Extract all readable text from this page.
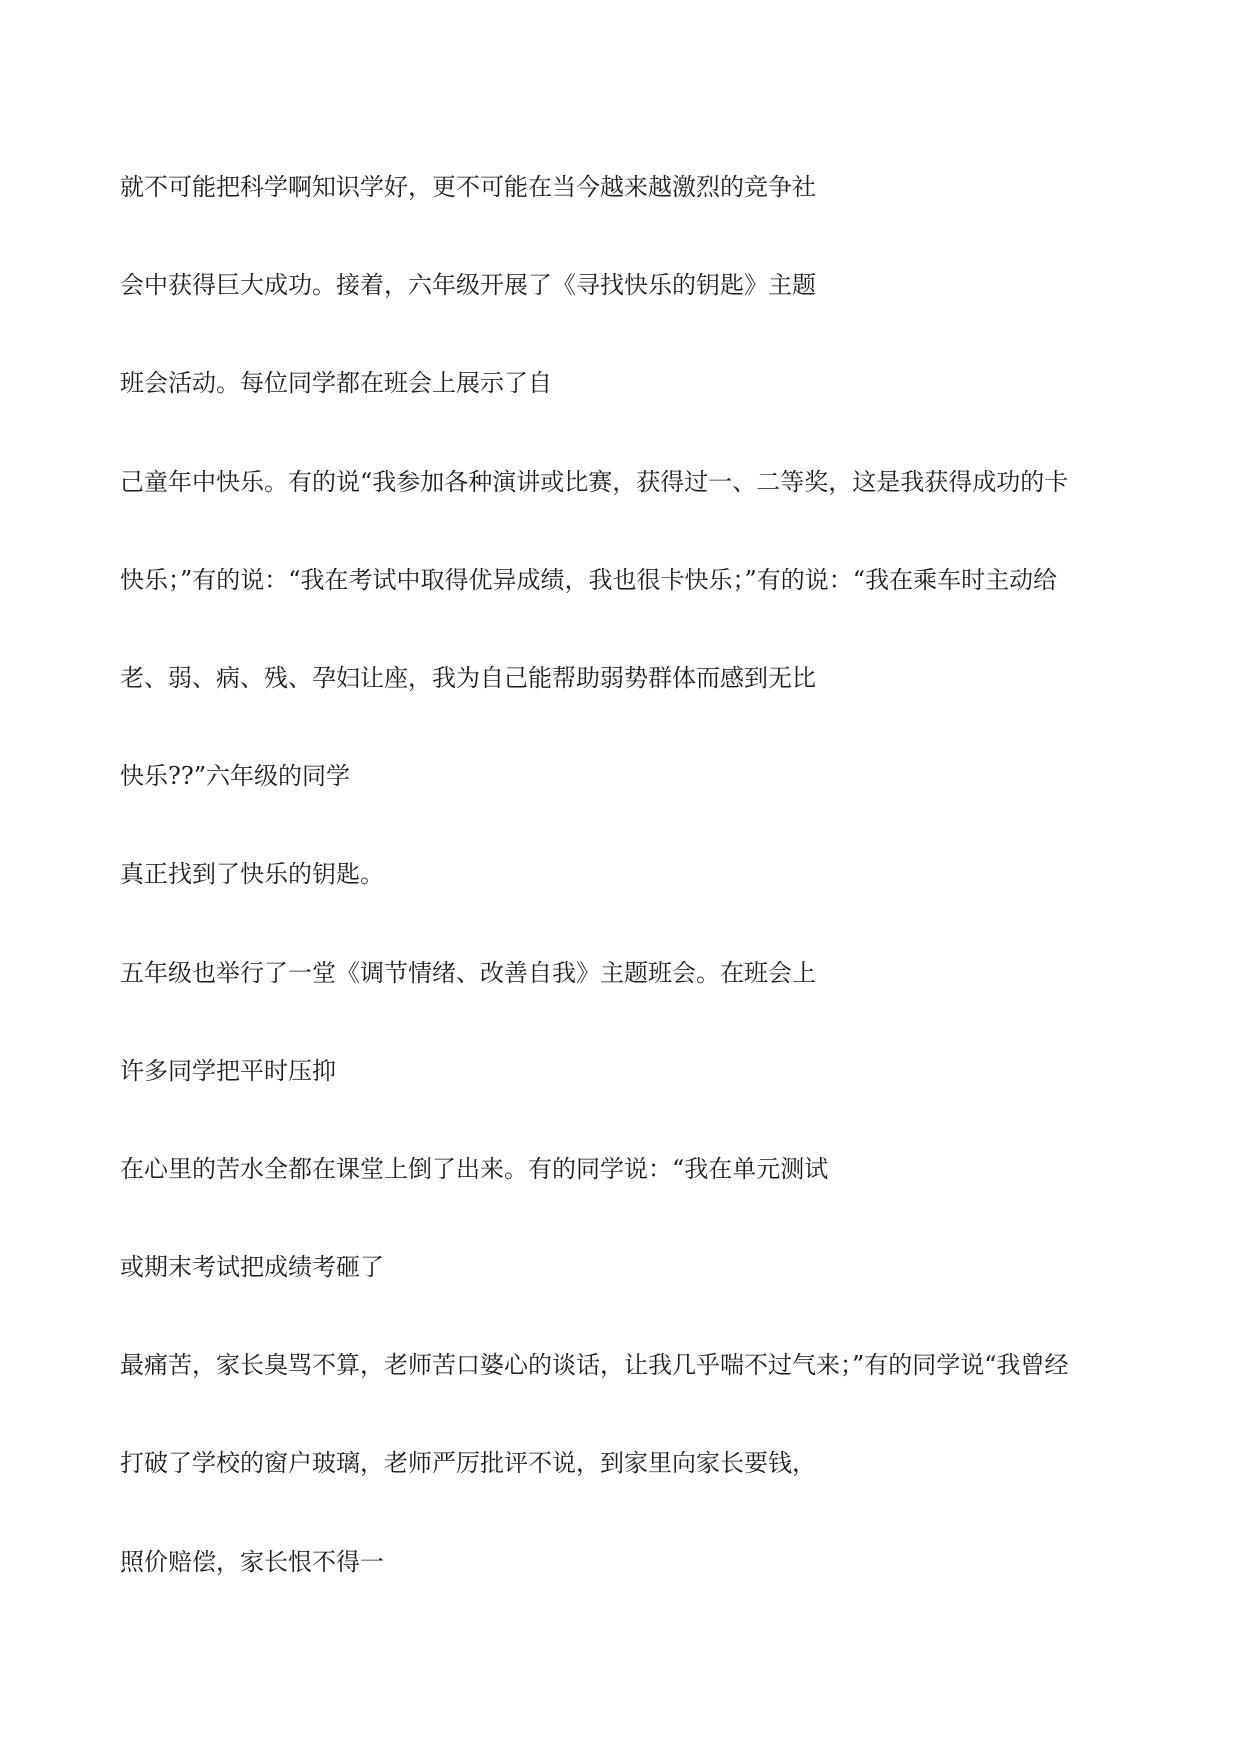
就不可能把科学啊知识学好，更不可能在当今越来越激烈的竞争社

会中获得巨大成功。接着，六年级开展了《寻找快乐的钥匙》主题

班会活动。每位同学都在班会上展示了自

己童年中快乐。有的说“我参加各种演讲或比赛，获得过一、二等奖，这是我获得成功的卡

快乐；”有的说：“我在考试中取得优异成绩，我也很卡快乐；”有的说：“我在乘车时主动给

老、弱、病、残、孕妇让座，我为自己能帮助弱势群体而感到无比

快乐??”六年级的同学

真正找到了快乐的钥匙。

五年级也举行了一堂《调节情绪、改善自我》主题班会。在班会上

许多同学把平时压抑

在心里的苦水全都在课堂上倒了出来。有的同学说：“我在单元测试

或期末考试把成绩考砸了

最痛苦，家长臭骂不算，老师苦口婆心的谈话，让我几乎喘不过气来；”有的同学说“我曾经

打破了学校的窗户玻璃，老师严厉批评不说，到家里向家长要钱，

照价赔偿，家长恨不得一
